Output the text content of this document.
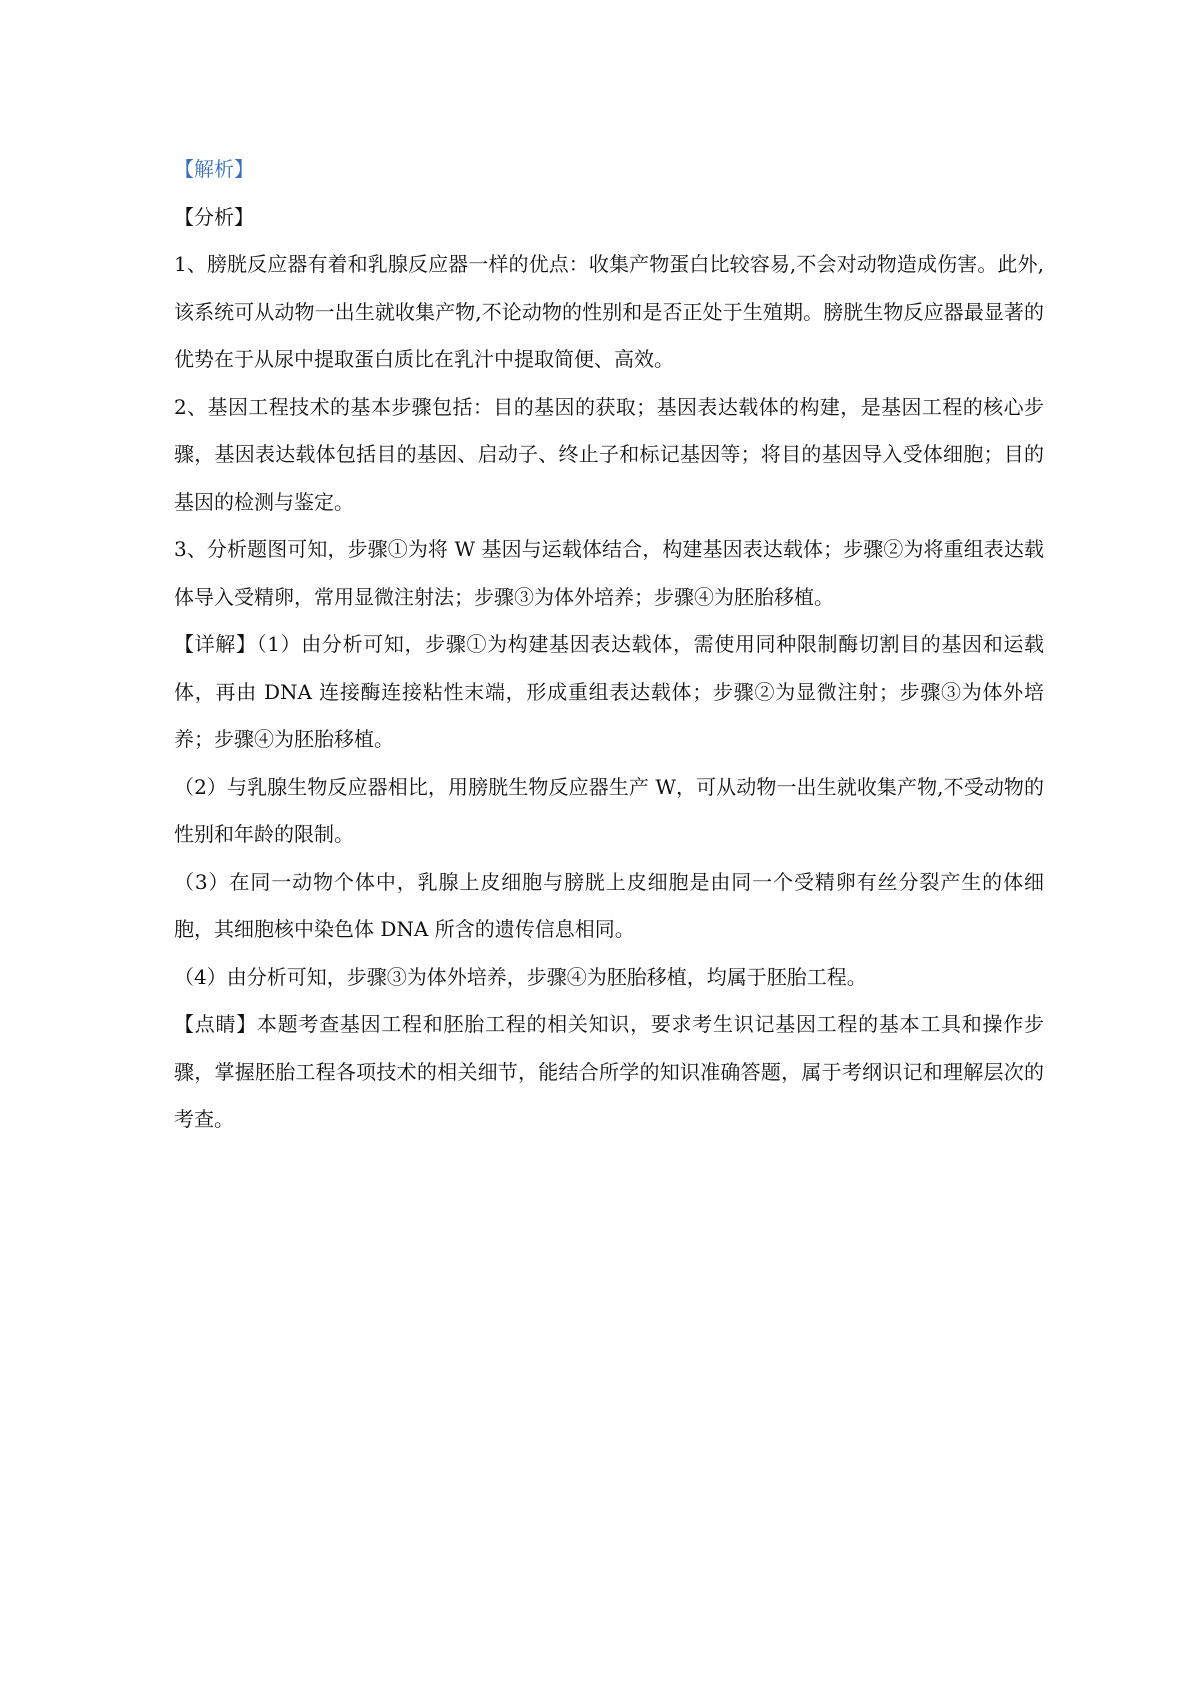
【解析】

【分析】

1、膀胱反应器有着和乳腺反应器一样的优点：收集产物蛋白比较容易,不会对动物造成伤害。此外,该系统可从动物一出生就收集产物,不论动物的性别和是否正处于生殖期。膀胱生物反应器最显著的优势在于从尿中提取蛋白质比在乳汁中提取简便、高效。

2、基因工程技术的基本步骤包括：目的基因的获取；基因表达载体的构建，是基因工程的核心步骤，基因表达载体包括目的基因、启动子、终止子和标记基因等；将目的基因导入受体细胞；目的基因的检测与鉴定。

3、分析题图可知，步骤①为将 W 基因与运载体结合，构建基因表达载体；步骤②为将重组表达载体导入受精卵，常用显微注射法；步骤③为体外培养；步骤④为胚胎移植。

【详解】（1）由分析可知，步骤①为构建基因表达载体，需使用同种限制酶切割目的基因和运载体，再由 DNA 连接酶连接粘性末端，形成重组表达载体；步骤②为显微注射；步骤③为体外培养；步骤④为胚胎移植。

（2）与乳腺生物反应器相比，用膀胱生物反应器生产 W，可从动物一出生就收集产物,不受动物的性别和年龄的限制。

（3）在同一动物个体中，乳腺上皮细胞与膀胱上皮细胞是由同一个受精卵有丝分裂产生的体细胞，其细胞核中染色体 DNA 所含的遗传信息相同。

（4）由分析可知，步骤③为体外培养，步骤④为胚胎移植，均属于胚胎工程。

【点睛】本题考查基因工程和胚胎工程的相关知识，要求考生识记基因工程的基本工具和操作步骤，掌握胚胎工程各项技术的相关细节，能结合所学的知识准确答题，属于考纲识记和理解层次的考查。
